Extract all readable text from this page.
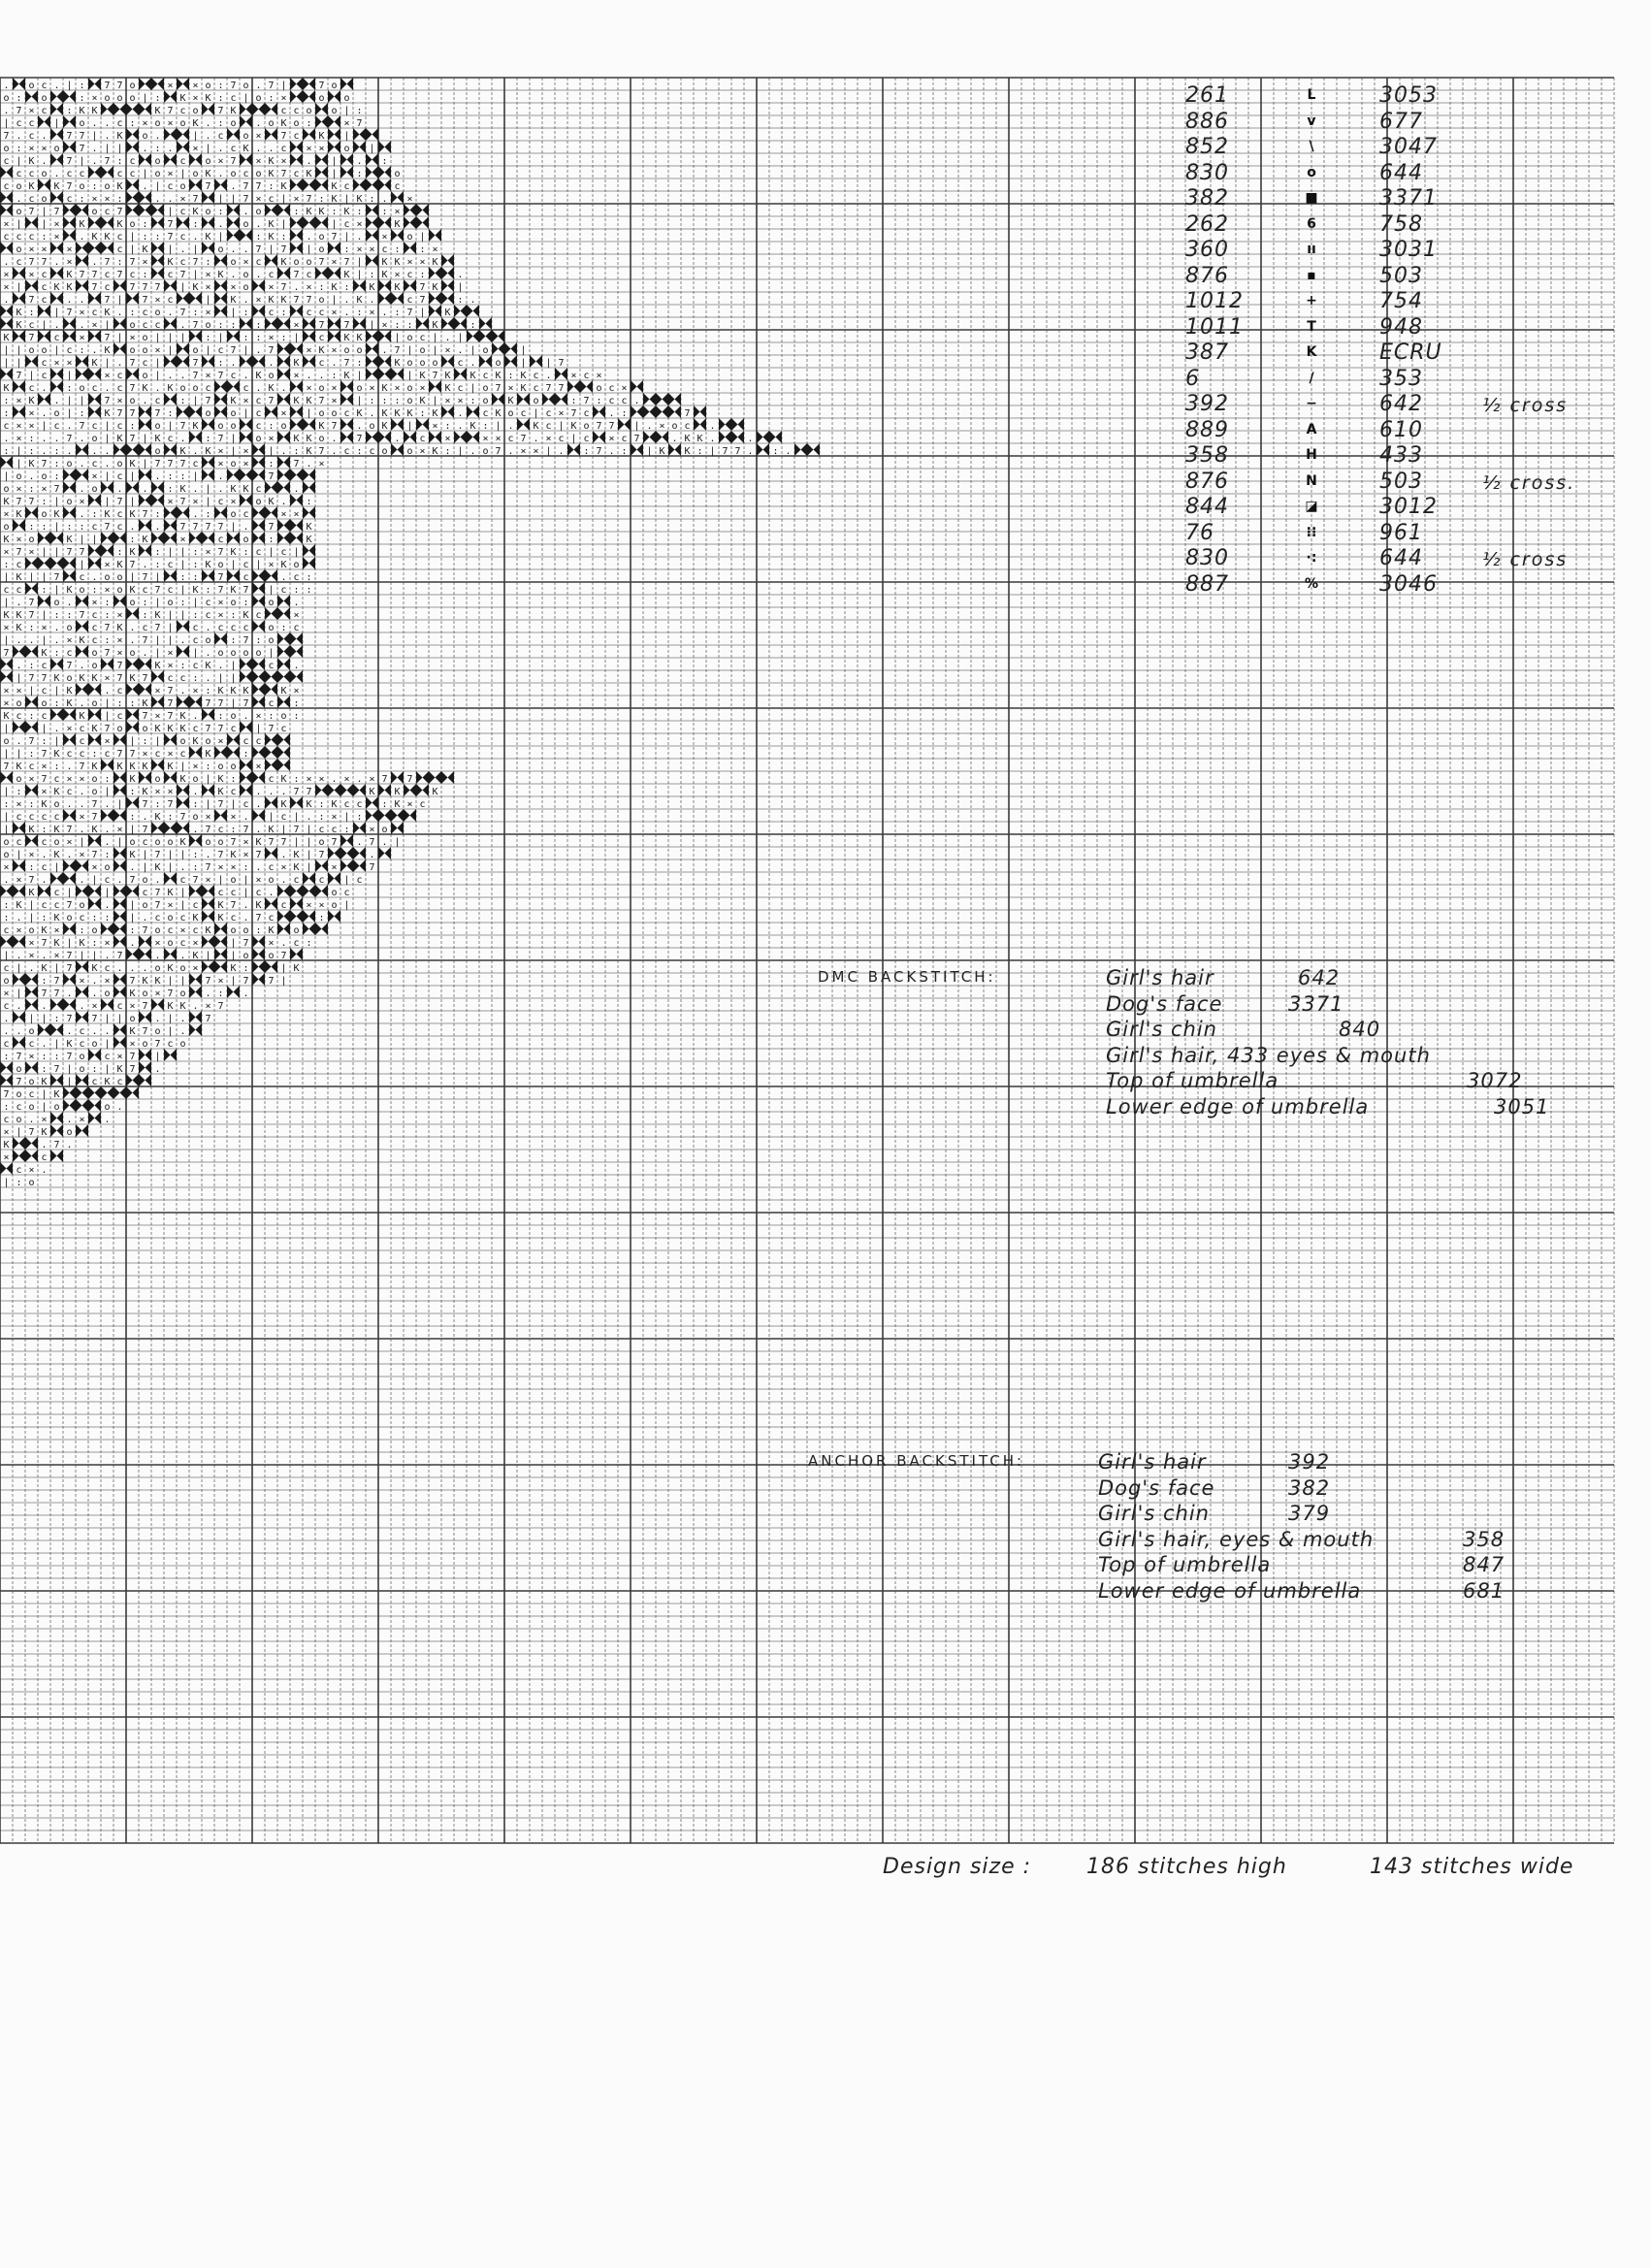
. o c . | : 7 7 o	× × o : 7 o . 7 |	7 o
o : o	: × o o o | : K × K : c | o : ×	o o
. 7 × c : K K	K 7 c o 7 K	c c o o | :
| c c | o . . c : × o × o K . : o . o K o :	× 7
7 . c . 7 7 | . K o .	| . c o × 7 c K |
o : × × o 7 . | | . : . × | . c K . . c × × o |
c | K . 7 | . 7 : c o c o × 7 × K × . | . :
c c o . c c	c c | o × | o K . o c o K 7 c K | :	o
c o K K 7 o : o K . | c o 7 . 7 7 : K	K c	c
. c o c : × × :	. . × 7 | | 7 × c | × 7 : K | K : . ×
o 7 | 7	o c 7	| c K o : . o	: K K : K : : ×
× | | × K	K o : 7 : . o . K |	| c ×	K
c c c : × . K K c | : : 7 c . K |	: K : . o 7 | . × o |
o × × ×	c | K | . | o . . 7 | 7 | o : × × c : : ×
. c 7 7 . × . 7 : 7 × K c 7 : o × c K o o 7 × 7 | K K × × K
× × c K 7 7 c 7 c : c 7 | × K . o . c 7 c	K | : K × c :	.
× | c K K 7 c 7 7 7 | K × × o × 7 . × : K : K K 7 K |
. 7 c . . 7 | 7 × c	| K . × K K 7 7 o | . K .	c 7	: .
K : | 7 × c K . : c o . 7 : × | : c : c c × . : × . : 7 | K
K c | . . × | o c c . 7 o : : :	× 7 7 | × : : K	:
K 7 c × 7 | × o | | | : | : : × : | c K K	| o c | . |
| | o o | c : . K o o × | o | c 7 | . 7	× K × o o . 7 | o | × . | o	|
| | c × × K | . 7 c |	7 : .	. K c . 7 :	K o o o c . o | | 7
7 | c |	× c o | . . 7 × 7 c . K o × . . : K |	| K 7 K K c K : K c . × c ×
K c . : o c . c 7 K . K o o c	c . K . × o × o × K × o × K c | o 7 × K c 7 7	o c ×
: × K . | | 7 × o . c : | 7 K × c 7 K K 7 × | : : : o K | × × : o K o	: 7 : c c .
: × . o | : K 7 7 7 :	o o | c × | o o c K . K K K : K . c K o c | c × 7 c . :	7
c × × | c . 7 c | c : o | 7 K o o c : o	K 7 . o K | × : . K : | . K c | K o 7 7 | . × o c .
. × : . . 7 . o | K 7 | K c . : 7 | o × K K o . 7	. c ×	× × c 7 . × c | c × c 7	. K K .	.
: | : . : . . .	o K . K × | × | . : K 7 . c : c o o × K : | . o 7 . × × | . : 7 . : | K K : | 7 7 . : .
| K 7 : o . c . o K | 7 7 7 c × o × : 7 . ×
| o . o :	× | c | . : : | .	7
o × : × 7 . o . . : K . | . K K c	.
K 7 7 : | o × | 7 |	× 7 × | c × o K . :
× K o K . : K c K 7 :	. : o c	× ×
o : : | : : c 7 c . . 7 7 7 7 | . 7	K
K × o	K | |	: K	×	c o :	K
× 7 × | | 7 7	: K : | | : × 7 K : c | c |
: c	| × K 7 . : c | : K o | c | × K o
| K | | 7 c . o o | 7 | : : 7 c	. c :
c c : | K o : × o K c 7 c | K : 7 K 7 | c : :
| . 7 o . × : o : | o : | c × o : o .
K K 7 | : : 7 c : × : K | | : c × : K c	×
× K : × . o c 7 K . c 7 | c . c c c o : c
| . . | . × K c : × . 7 | | . c o : 7 : o
7	K : c o 7 × o . | × | . o o o o |
. : c 7 . o 7	K × : c K . |	c .
| 7 7 K o K K × 7 K 7 c c : . | |
× × | c | K	. c	× 7 . × : K K K	K ×
× o o : K . o | : : K 7	7 7 | 7 c :
K c : c	K | c 7 × 7 K . : o . × : o :
|	| . × c K 7 o o K K K c 7 7 c | 7 c
o . 7 : | c × | : | o K o × c c
| | : 7 K c c : c 7 7 × c × c K	:
7 K c × : . 7 K K K K K | × : o o ×
o × 7 c × × o : K o K o | K :	c K : × × . × . × 7 7
| : × K c . o | : K × × . K c . . . 7 7	K K	K
: × : K o . . 7 . | 7 : 7 : | 7 | c . K K : K c c : K × c
| c c c c × 7	: . K : 7 o × × . | c | . : × | :
| K : K 7 . K . × | 7	. 7 c : 7 . K | 7 | c c : × o
o c c o × | . | o c o o K o o 7 × K 7 7 | | o 7 . 7 . |
o | × . K . × 7 : K | 7 | | : . 7 K × 7 . K | 7	.
× : c |	× o . | K | . : 7 × × : . c × K | ×	7
. × 7 .	. | c . 7 o . c 7 × | o | × o . c c | c
K c |	|	c 7 K |	c c | c .	o c
: K | c c 7 o . | o 7 × | c K 7 . K c × × o |
: . | : K o c : : | . c o c K K c . 7 c	:
c × o K × : o	: 7 o c × c K o o : K o
× 7 K | K : × . × o c ×	| 7 × . c :
| . × . × 7 | | . 7	. . K | | o o 7
c | . K | 7 K c . . . o K o ×	K :	| K
o	: 7 × . × 7 K K | | 7 × | 7 7 |
× | 7 7 . . o K o × 7 o . : .
c . .	. × c × 7 K K . × 7
. | | : 7 7 | | o . | . 7
. . o	. c . . K 7 o | .
c c . | K c o | × o 7 c o
: 7 × : : 7 o c × 7 |
o : 7 | o : | K 7 .
7 o K | c K c
7 o c | K
: c o | o	o .
c o . × . × .
× | 7 K o
K	. 7 .
×	c
c × .
| : o
261	L	3053
886	v	677
852	\	3047
830	o	644
382	■	3371
262	6	758
360	ıı	3031
876	▪	503
1012	+	754
1011	T	948
387	K	ECRU
6	/	353
392	−	642	½ cross
889	A	610
358	H	433
876	N	503	½ cross.
844	◪	3012
76	⁝⁝	961
830	·:	644	½ cross
887	%	3046
DMC BACKSTITCH:	Girl's hair	642
Dog's face	3371
Girl's chin	840
Girl's hair, 433 eyes & mouth
Top of umbrella	3072
Lower edge of umbrella	3051
ANCHOR BACKSTITCH:	Girl's hair	392
Dog's face	382
Girl's chin	379
Girl's hair, eyes & mouth	358
Top of umbrella	847
Lower edge of umbrella	681
Design size :	186 stitches high	143 stitches wide
